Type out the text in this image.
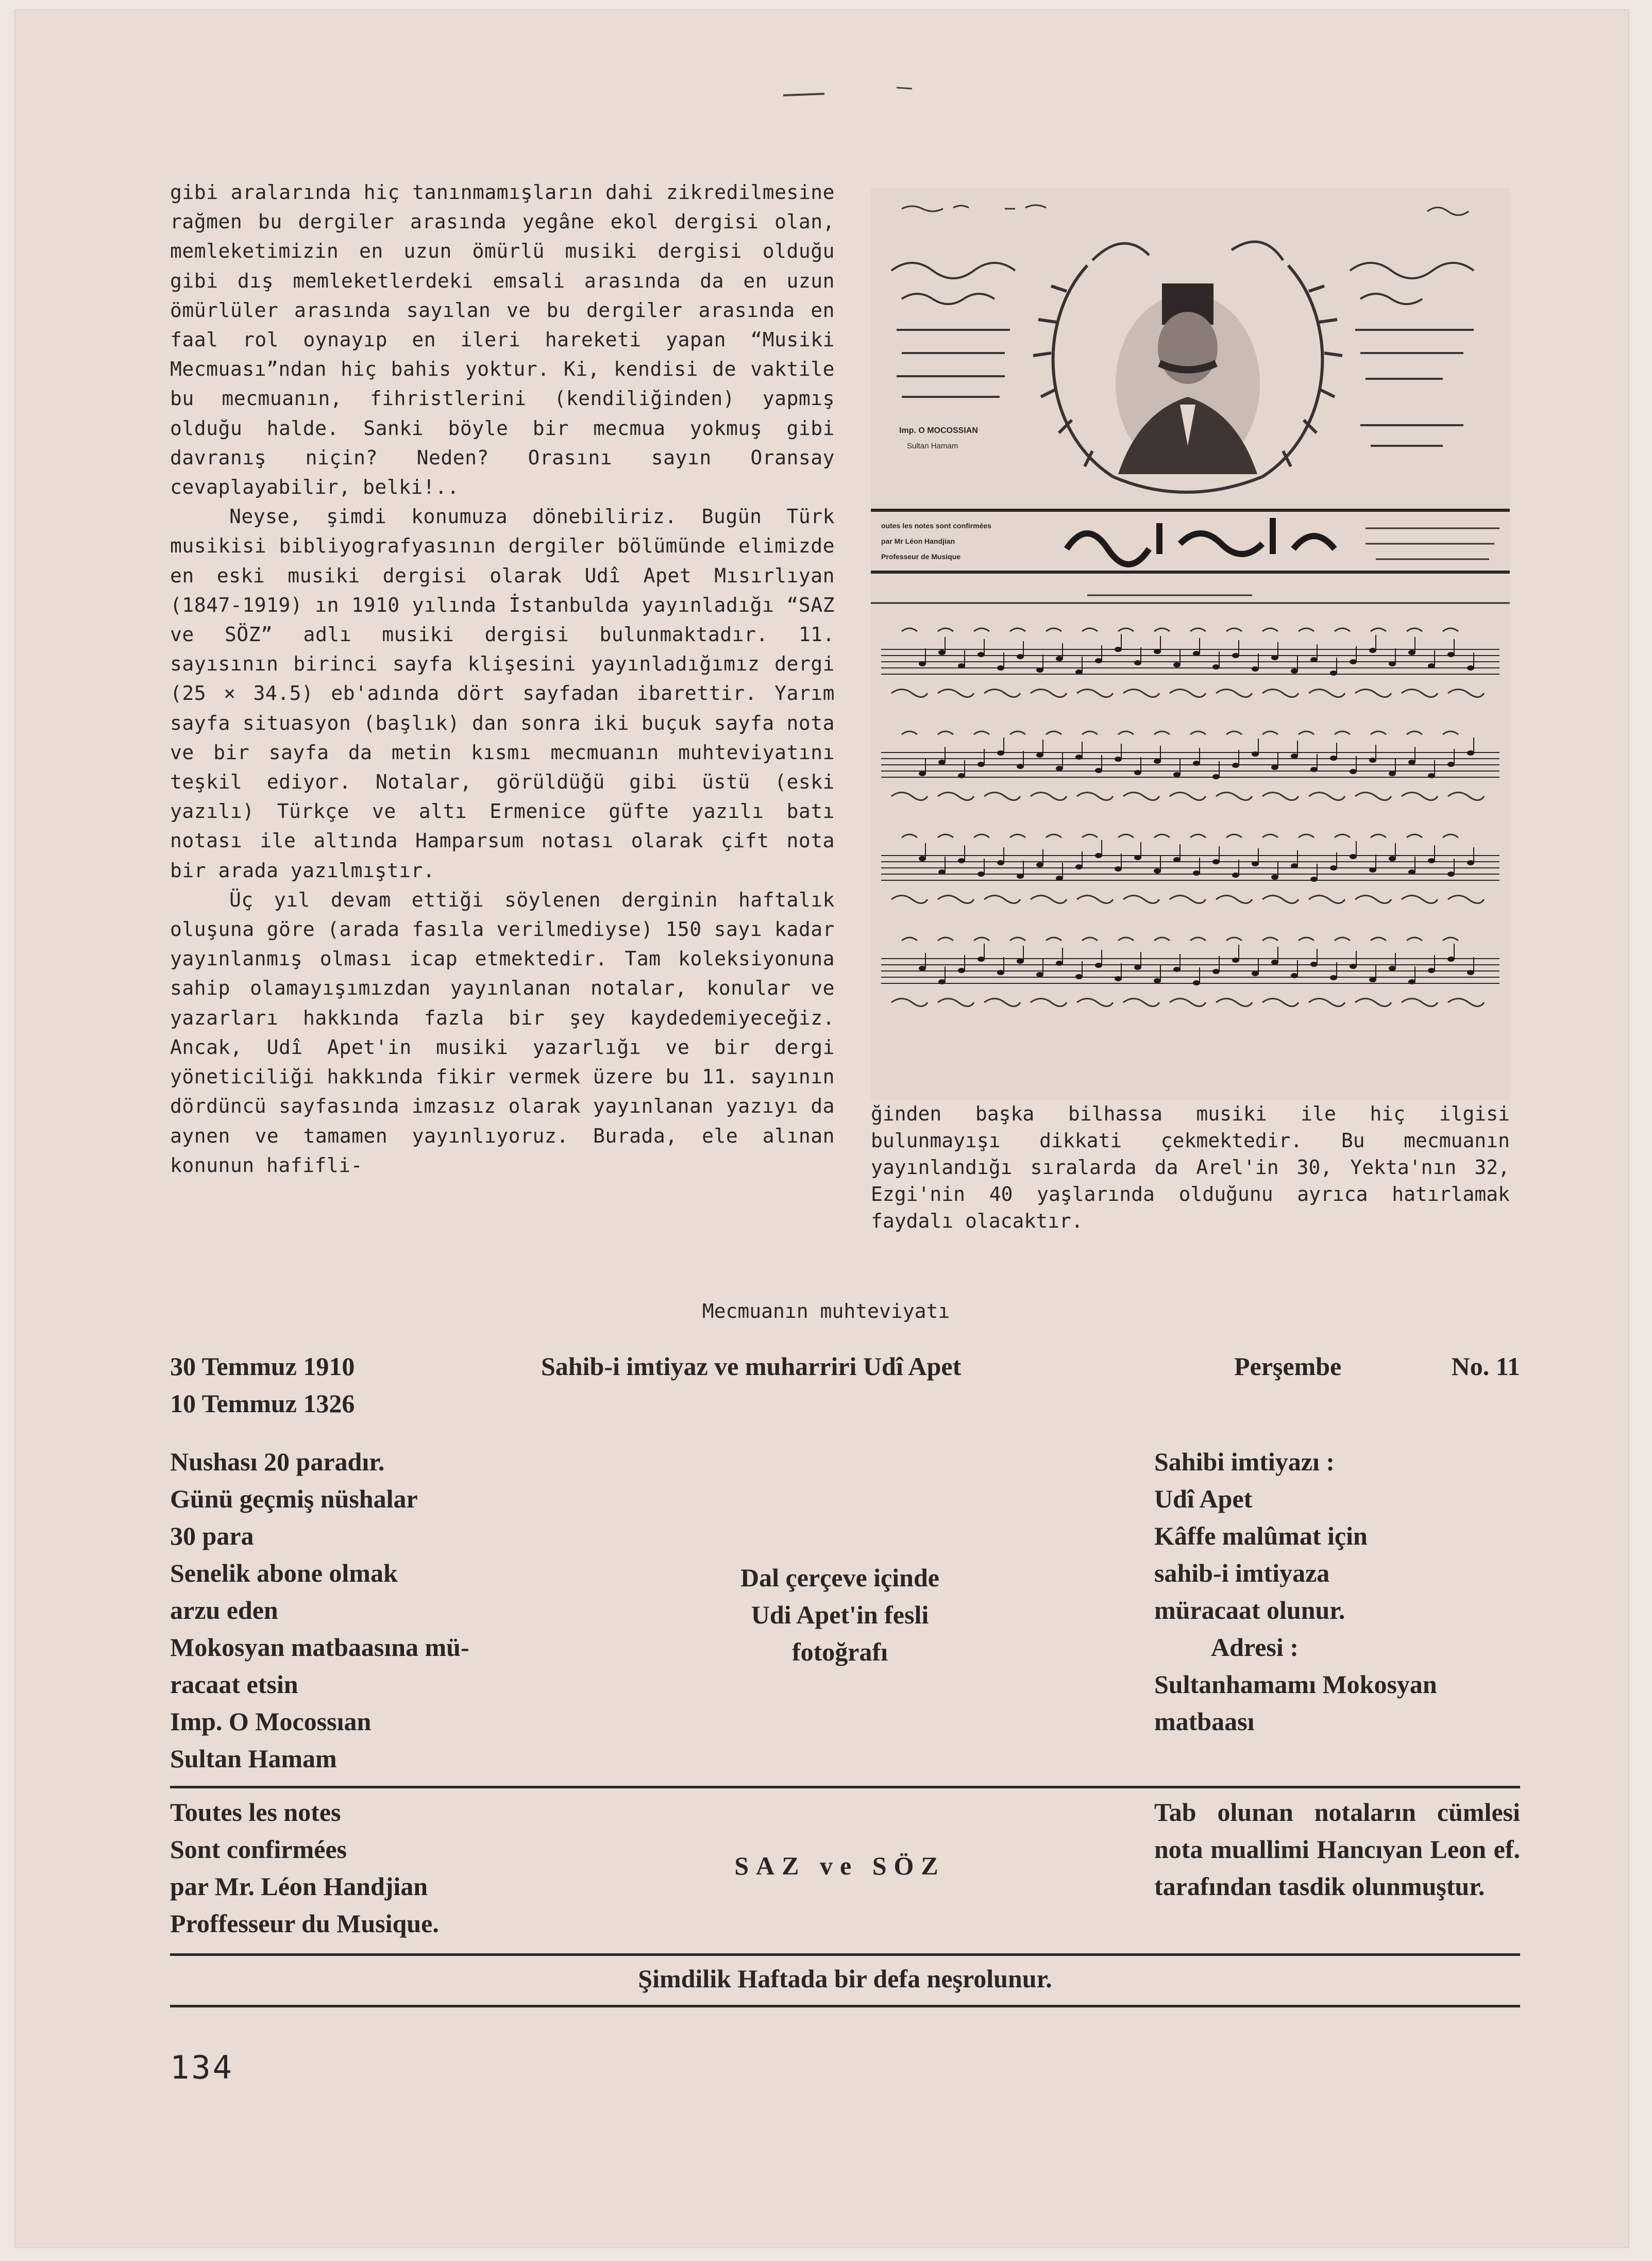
gibi aralarında hiç tanınmamışların dahi zikredilmesine rağmen bu dergiler arasında yegâne ekol dergisi olan, memleketimizin en uzun ömürlü musiki dergisi olduğu gibi dış memleketlerdeki emsali arasında da en uzun ömürlüler arasında sayılan ve bu dergiler arasında en faal rol oynayıp en ileri hareketi yapan “Musiki Mecmuası”ndan hiç bahis yoktur. Ki, kendisi de vaktile bu mecmuanın, fihristlerini (kendiliğinden) yapmış olduğu halde. Sanki böyle bir mecmua yokmuş gibi davranış niçin? Neden? Orasını sayın Oransay cevaplayabilir, belki!..

Neyse, şimdi konumuza dönebiliriz. Bugün Türk musikisi bibliyografyasının dergiler bölümünde elimizde en eski musiki dergisi olarak Udî Apet Mısırlıyan (1847-1919) ın 1910 yılında İstanbulda yayınladığı “SAZ ve SÖZ” adlı musiki dergisi bulunmaktadır. 11. sayısının birinci sayfa klişesini yayınladığımız dergi (25 × 34.5) eb'adında dört sayfadan ibarettir. Yarım sayfa situasyon (başlık) dan sonra iki buçuk sayfa nota ve bir sayfa da metin kısmı mecmuanın muhteviyatını teşkil ediyor. Notalar, görüldüğü gibi üstü (eski yazılı) Türkçe ve altı Ermenice güfte yazılı batı notası ile altında Hamparsum notası olarak çift nota bir arada yazılmıştır.

Üç yıl devam ettiği söylenen derginin haftalık oluşuna göre (arada fasıla verilmediyse) 150 sayı kadar yayınlanmış olması icap etmektedir. Tam koleksiyonuna sahip olamayışımızdan yayınlanan notalar, konular ve yazarları hakkında fazla bir şey kaydedemiyeceğiz. Ancak, Udî Apet'in musiki yazarlığı ve bir dergi yöneticiliği hakkında fikir vermek üzere bu 11. sayının dördüncü sayfasında imzasız olarak yayınlanan yazıyı da aynen ve tamamen yayınlıyoruz. Burada, ele alınan konunun hafifli-

Imp. O MOCOSSIAN
Sultan Hamam
outes les notes sont confirmées
par Mr Léon Handjian
Professeur de Musique
ğinden başka bilhassa musiki ile hiç ilgisi bulunmayışı dikkati çekmektedir. Bu mecmuanın yayınlandığı sıralarda da Arel'in 30, Yekta'nın 32, Ezgi'nin 40 yaşlarında olduğunu ayrıca hatırlamak faydalı olacaktır.
Mecmuanın muhteviyatı
30 Temmuz 1910
10 Temmuz 1326
Sahib-i imtiyaz ve muharriri Udî Apet	Perşembe	No. 11
Nushası 20 paradır.
Günü geçmiş nüshalar
30 para
Senelik abone olmak
arzu eden
Mokosyan matbaasına mü-
racaat etsin
Imp. O Mocossıan
Sultan Hamam
Dal çerçeve içinde
Udi Apet'in fesli
fotoğrafı
Sahibi imtiyazı :
Udî Apet
Kâffe malûmat için
sahib-i imtiyaza
müracaat olunur.
Adresi :
Sultanhamamı Mokosyan
matbaası
Toutes les notes
Sont confirmées
par Mr. Léon Handjian
Proffesseur du Musique.
SAZ ve SÖZ
Tab olunan notaların cümlesi nota muallimi Hancıyan Leon ef. tarafından tasdik olunmuştur.
Şimdilik Haftada bir defa neşrolunur.
134
